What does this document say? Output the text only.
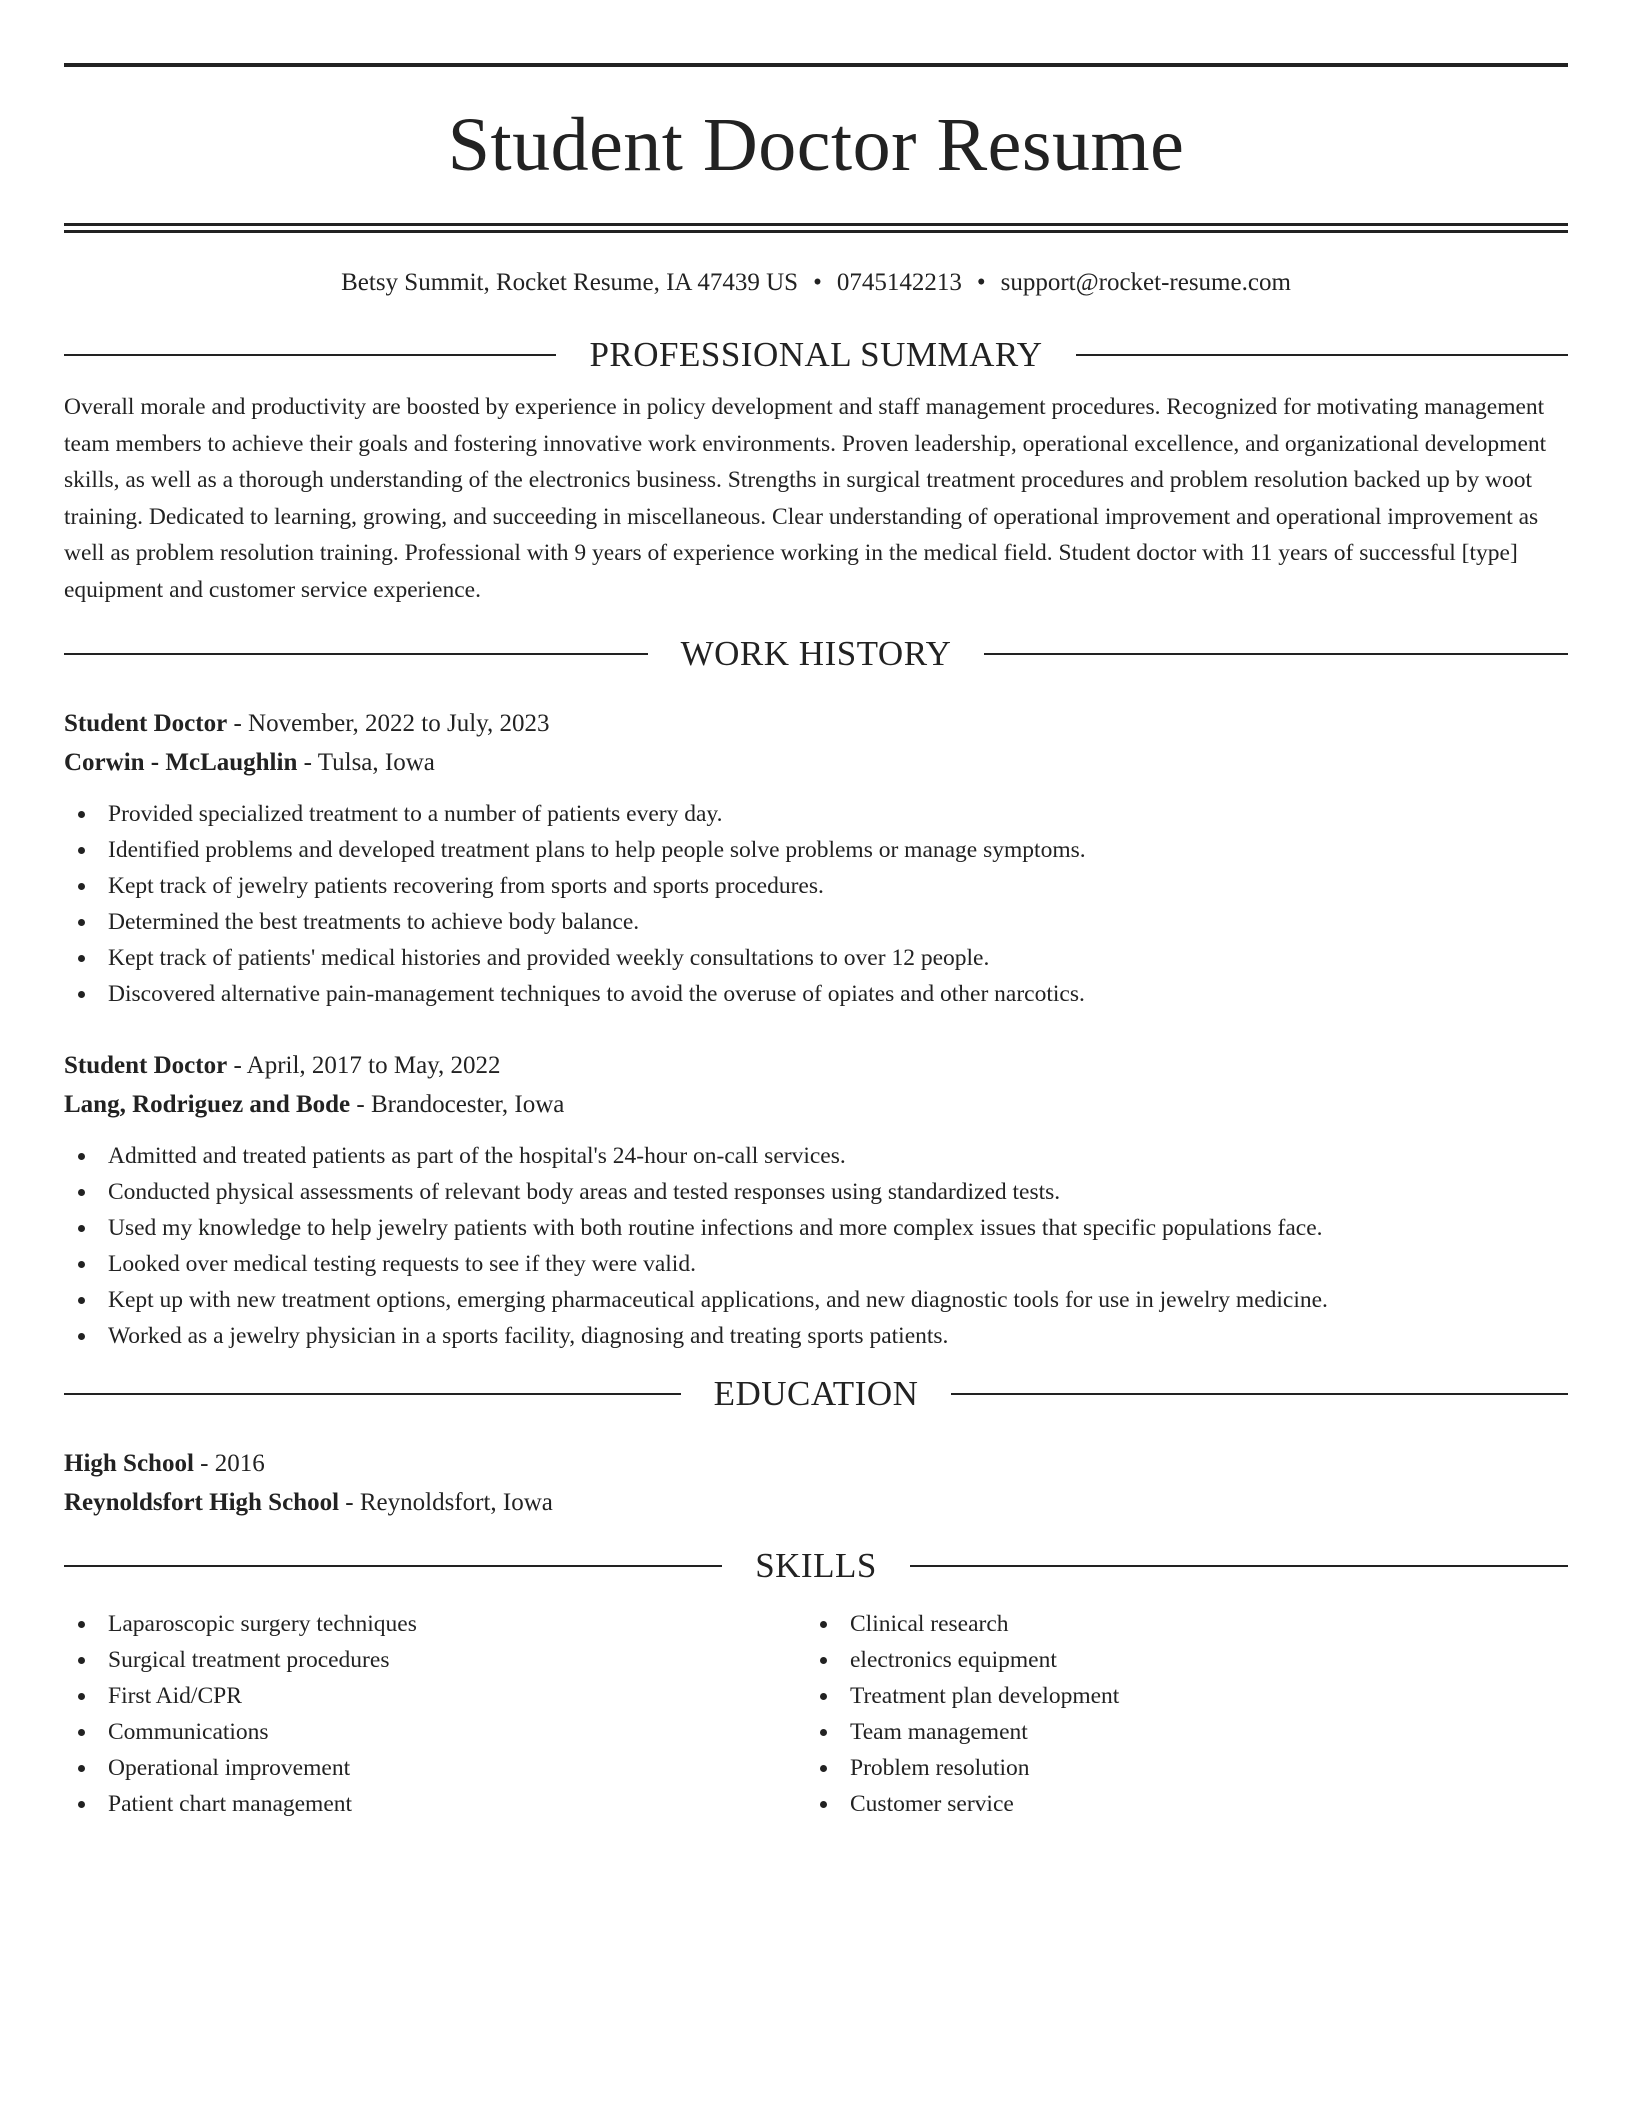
Student Doctor Resume
Betsy Summit, Rocket Resume, IA 47439 US • 0745142213 • support@rocket-resume.com
PROFESSIONAL SUMMARY

Overall morale and productivity are boosted by experience in policy development and staff management procedures. Recognized for motivating management team members to achieve their goals and fostering innovative work environments. Proven leadership, operational excellence, and organizational development skills, as well as a thorough understanding of the electronics business. Strengths in surgical treatment procedures and problem resolution backed up by woot training. Dedicated to learning, growing, and succeeding in miscellaneous. Clear understanding of operational improvement and operational improvement as well as problem resolution training. Professional with 9 years of experience working in the medical field. Student doctor with 11 years of successful [type] equipment and customer service experience.

WORK HISTORY
Student Doctor - November, 2022 to July, 2023
Corwin - McLaughlin - Tulsa, Iowa
Provided specialized treatment to a number of patients every day.
Identified problems and developed treatment plans to help people solve problems or manage symptoms.
Kept track of jewelry patients recovering from sports and sports procedures.
Determined the best treatments to achieve body balance.
Kept track of patients' medical histories and provided weekly consultations to over 12 people.
Discovered alternative pain-management techniques to avoid the overuse of opiates and other narcotics.
Student Doctor - April, 2017 to May, 2022
Lang, Rodriguez and Bode - Brandocester, Iowa
Admitted and treated patients as part of the hospital's 24-hour on-call services.
Conducted physical assessments of relevant body areas and tested responses using standardized tests.
Used my knowledge to help jewelry patients with both routine infections and more complex issues that specific populations face.
Looked over medical testing requests to see if they were valid.
Kept up with new treatment options, emerging pharmaceutical applications, and new diagnostic tools for use in jewelry medicine.
Worked as a jewelry physician in a sports facility, diagnosing and treating sports patients.
EDUCATION
High School - 2016
Reynoldsfort High School - Reynoldsfort, Iowa
SKILLS
Laparoscopic surgery techniques
Surgical treatment procedures
First Aid/CPR
Communications
Operational improvement
Patient chart management
Clinical research
electronics equipment
Treatment plan development
Team management
Problem resolution
Customer service
